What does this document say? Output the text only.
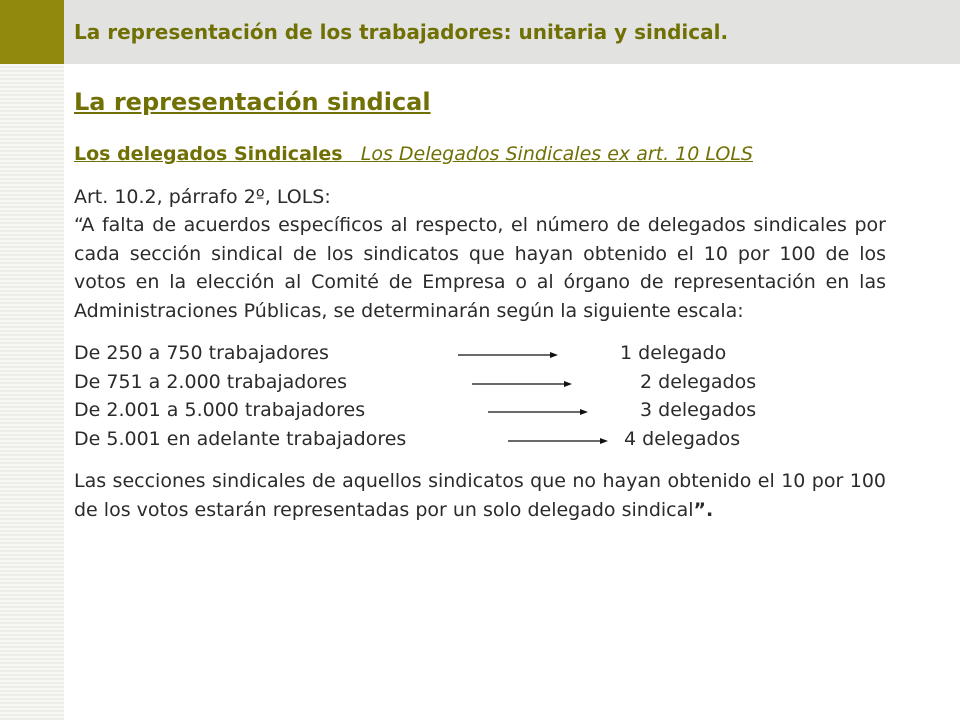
La representación de los trabajadores: unitaria y sindical.
La representación sindical

Los delegados Sindicales Los Delegados Sindicales ex art. 10 LOLS

Art. 10.2, párrafo 2º, LOLS:

“A falta de acuerdos específicos al respecto, el número de delegados sindicales por cada sección sindical de los sindicatos que hayan obtenido el 10 por 100 de los votos en la elección al Comité de Empresa o al órgano de representación en las Administraciones Públicas, se determinarán según la siguiente escala:

De 250 a 750 trabajadores	1 delegado
De 751 a 2.000 trabajadores	2 delegados
De 2.001 a 5.000 trabajadores	3 delegados
De 5.001 en adelante trabajadores	4 delegados

Las secciones sindicales de aquellos sindicatos que no hayan obtenido el 10 por 100 de los votos estarán representadas por un solo delegado sindical”.
